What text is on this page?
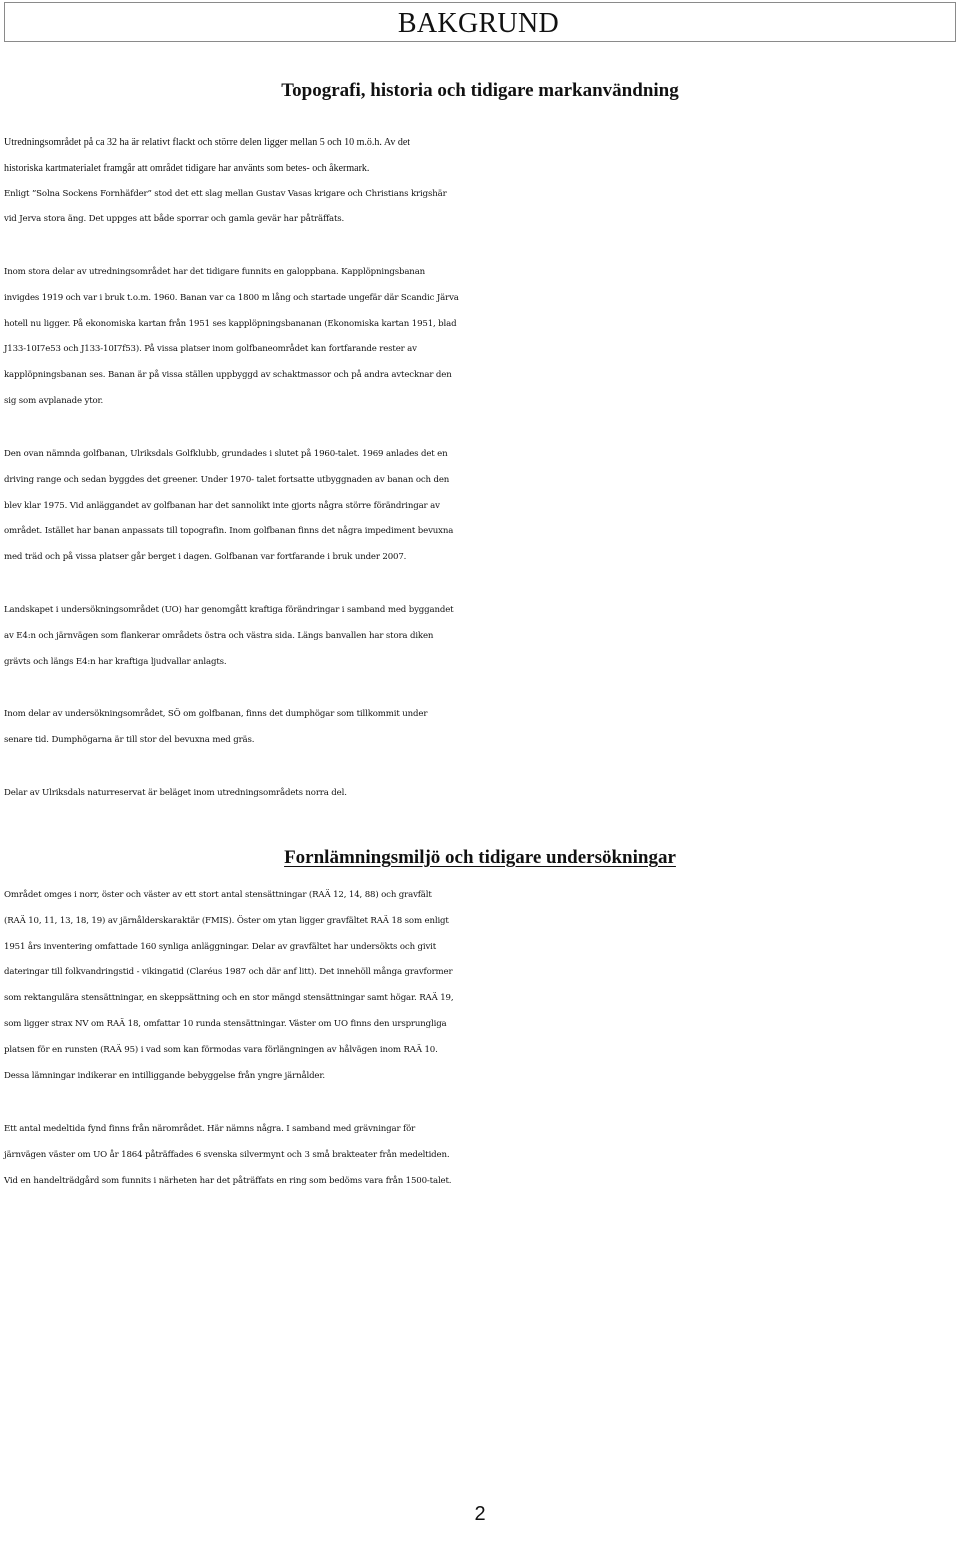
BAKGRUND
Topografi, historia och tidigare markanvändning
Utredningsområdet på ca 32 ha är relativt flackt och större delen ligger mellan 5 och 10 m.ö.h. Av det
historiska kartmaterialet framgår att området tidigare har använts som betes- och åkermark.
Enligt ”Solna Sockens Fornhäfder” stod det ett slag mellan Gustav Vasas krigare och Christians krigshär
vid Jerva stora äng. Det uppges att både sporrar och gamla gevär har påträffats.
Inom stora delar av utredningsområdet har det tidigare funnits en galoppbana. Kapplöpningsbanan
invigdes 1919 och var i bruk t.o.m. 1960. Banan var ca 1800 m lång och startade ungefär där Scandic Järva
hotell nu ligger. På ekonomiska kartan från 1951 ses kapplöpningsbananan (Ekonomiska kartan 1951, blad
J133-10I7e53 och J133-10I7f53). På vissa platser inom golfbaneområdet kan fortfarande rester av
kapplöpningsbanan ses. Banan är på vissa ställen uppbyggd av schaktmassor och på andra avtecknar den
sig som avplanade ytor.
Den ovan nämnda golfbanan, Ulriksdals Golfklubb, grundades i slutet på 1960-talet. 1969 anlades det en
driving range och sedan byggdes det greener. Under 1970- talet fortsatte utbyggnaden av banan och den
blev klar 1975. Vid anläggandet av golfbanan har det sannolikt inte gjorts några större förändringar av
området. Istället har banan anpassats till topografin. Inom golfbanan finns det några impediment bevuxna
med träd och på vissa platser går berget i dagen. Golfbanan var fortfarande i bruk under 2007.
Landskapet i undersökningsområdet (UO) har genomgått kraftiga förändringar i samband med byggandet
av E4:n och järnvägen som flankerar områdets östra och västra sida. Längs banvallen har stora diken
grävts och längs E4:n har kraftiga ljudvallar anlagts.
Inom delar av undersökningsområdet, SÖ om golfbanan, finns det dumphögar som tillkommit under
senare tid. Dumphögarna är till stor del bevuxna med gräs.
Delar av Ulriksdals naturreservat är beläget inom utredningsområdets norra del.
Fornlämningsmiljö och tidigare undersökningar
Området omges i norr, öster och väster av ett stort antal stensättningar (RAÄ 12, 14, 88) och gravfält
(RAÄ 10, 11, 13, 18, 19) av järnålderskaraktär (FMIS). Öster om ytan ligger gravfältet RAÄ 18 som enligt
1951 års inventering omfattade 160 synliga anläggningar. Delar av gravfältet har undersökts och givit
dateringar till folkvandringstid - vikingatid (Claréus 1987 och där anf litt). Det innehöll många gravformer
som rektangulära stensättningar, en skeppsättning och en stor mängd stensättningar samt högar. RAÄ 19,
som ligger strax NV om RAÄ 18, omfattar 10 runda stensättningar. Väster om UO finns den ursprungliga
platsen för en runsten (RAÄ 95) i vad som kan förmodas vara förlängningen av hålvägen inom RAÄ 10.
Dessa lämningar indikerar en intilliggande bebyggelse från yngre järnålder.
Ett antal medeltida fynd finns från närområdet. Här nämns några. I samband med grävningar för
järnvägen väster om UO år 1864 påträffades 6 svenska silvermynt och 3 små brakteater från medeltiden.
Vid en handelträdgård som funnits i närheten har det påträffats en ring som bedöms vara från 1500-talet.
2
